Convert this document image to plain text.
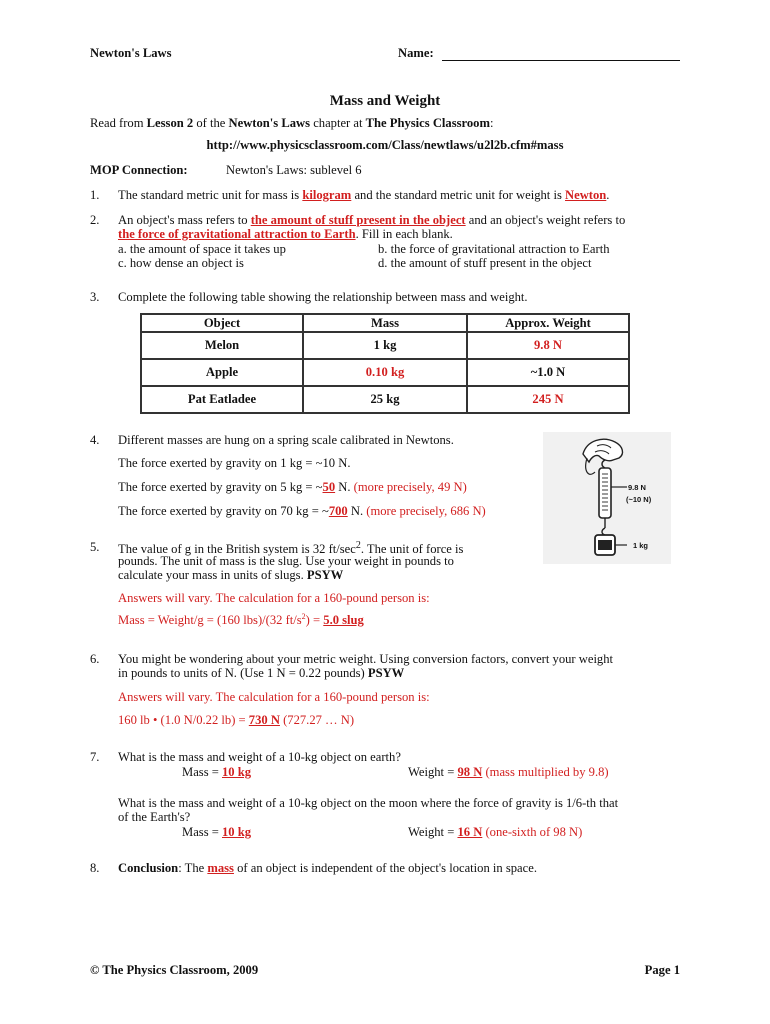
Newton's Laws	Name:
Mass and Weight
Read from Lesson 2 of the Newton's Laws chapter at The Physics Classroom:
http://www.physicsclassroom.com/Class/newtlaws/u2l2b.cfm#mass
MOP Connection:	Newton's Laws: sublevel 6
1. The standard metric unit for mass is kilogram and the standard metric unit for weight is Newton.
2. An object's mass refers to the amount of stuff present in the object and an object's weight refers to
the force of gravitational attraction to Earth. Fill in each blank.
a. the amount of space it takes up	b. the force of gravitational attraction to Earth
c. how dense an object is	d. the amount of stuff present in the object
3. Complete the following table showing the relationship between mass and weight.
Object	Mass	Approx. Weight
Melon	1 kg	9.8 N
Apple	0.10 kg	~1.0 N
Pat Eatladee	25 kg	245 N
4. Different masses are hung on a spring scale calibrated in Newtons.
The force exerted by gravity on 1 kg = ~10 N.
The force exerted by gravity on 5 kg = ~50 N. (more precisely, 49 N)
The force exerted by gravity on 70 kg = ~700 N. (more precisely, 686 N)
9.8 N
(~10 N)
1 kg
5. The value of g in the British system is 32 $ft/\sec^2$. The unit of force is
pounds. The unit of mass is the slug. Use your weight in pounds to
calculate your mass in units of slugs. PSYW
Answers will vary. The calculation for a 160-pound person is:
Mass = Weight/g = (160 lbs)/(32 $ft/s^2) = 5.0$ slug
6. You might be wondering about your metric weight. Using conversion factors, convert your weight
in pounds to units of N. (Use 1 N = 0.22 pounds) PSYW
Answers will vary. The calculation for a 160-pound person is:
160 lb • (1.0 N/0.22 lb) = 730 N (727.27 … N)
7. What is the mass and weight of a 10-kg object on earth?
Mass = 10 kg	Weight = 98 N (mass multiplied by 9.8)
What is the mass and weight of a 10-kg object on the moon where the force of gravity is 1/6-th that
of the Earth's?
Mass = 10 kg	Weight = 16 N (one-sixth of 98 N)
8. Conclusion: The mass of an object is independent of the object's location in space.
© The Physics Classroom, 2009	Page 1
